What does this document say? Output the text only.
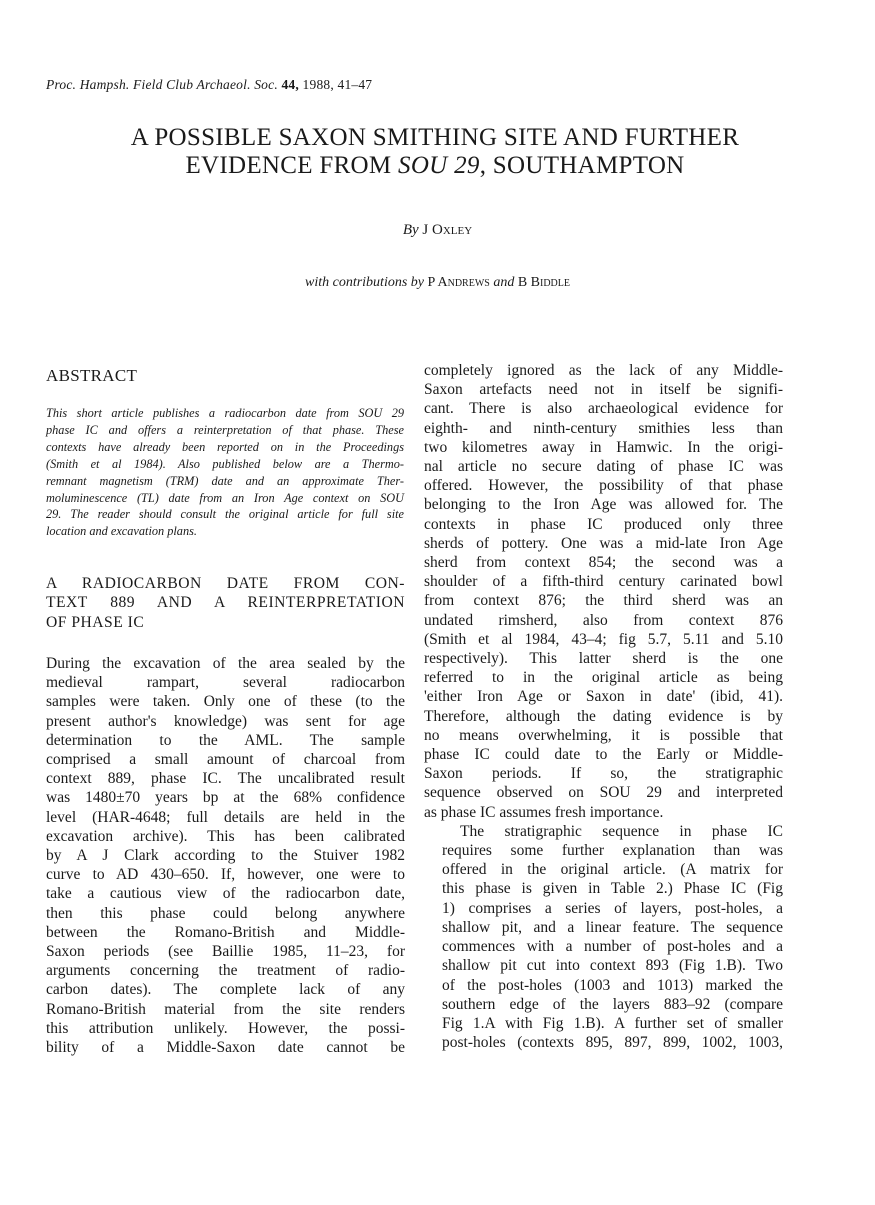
Proc. Hampsh. Field Club Archaeol. Soc. 44, 1988, 41–47
A POSSIBLE SAXON SMITHING SITE AND FURTHER
EVIDENCE FROM SOU 29, SOUTHAMPTON
By J Oxley
with contributions by P Andrews and B Biddle
ABSTRACT
This short article publishes a radiocarbon date from SOU 29
phase IC and offers a reinterpretation of that phase. These
contexts have already been reported on in the Proceedings
(Smith et al 1984). Also published below are a Thermo-
remnant magnetism (TRM) date and an approximate Ther-
moluminescence (TL) date from an Iron Age context on SOU
29. The reader should consult the original article for full site
location and excavation plans.
A RADIOCARBON DATE FROM CON-
TEXT 889 AND A REINTERPRETATION
OF PHASE IC
During the excavation of the area sealed by the
medieval rampart, several radiocarbon
samples were taken. Only one of these (to the
present author's knowledge) was sent for age
determination to the AML. The sample
comprised a small amount of charcoal from
context 889, phase IC. The uncalibrated result
was 1480±70 years bp at the 68% confidence
level (HAR-4648; full details are held in the
excavation archive). This has been calibrated
by A J Clark according to the Stuiver 1982
curve to AD 430–650. If, however, one were to
take a cautious view of the radiocarbon date,
then this phase could belong anywhere
between the Romano-British and Middle-
Saxon periods (see Baillie 1985, 11–23, for
arguments concerning the treatment of radio-
carbon dates). The complete lack of any
Romano-British material from the site renders
this attribution unlikely. However, the possi-
bility of a Middle-Saxon date cannot be

completely ignored as the lack of any Middle-
Saxon artefacts need not in itself be signifi-
cant. There is also archaeological evidence for
eighth- and ninth-century smithies less than
two kilometres away in Hamwic. In the origi-
nal article no secure dating of phase IC was
offered. However, the possibility of that phase
belonging to the Iron Age was allowed for. The
contexts in phase IC produced only three
sherds of pottery. One was a mid-late Iron Age
sherd from context 854; the second was a
shoulder of a fifth-third century carinated bowl
from context 876; the third sherd was an
undated rimsherd, also from context 876
(Smith et al 1984, 43–4; fig 5.7, 5.11 and 5.10
respectively). This latter sherd is the one
referred to in the original article as being
'either Iron Age or Saxon in date' (ibid, 41).
Therefore, although the dating evidence is by
no means overwhelming, it is possible that
phase IC could date to the Early or Middle-
Saxon periods. If so, the stratigraphic
sequence observed on SOU 29 and interpreted
as phase IC assumes fresh importance.

The stratigraphic sequence in phase IC
requires some further explanation than was
offered in the original article. (A matrix for
this phase is given in Table 2.) Phase IC (Fig
1) comprises a series of layers, post-holes, a
shallow pit, and a linear feature. The sequence
commences with a number of post-holes and a
shallow pit cut into context 893 (Fig 1.B). Two
of the post-holes (1003 and 1013) marked the
southern edge of the layers 883–92 (compare
Fig 1.A with Fig 1.B). A further set of smaller
post-holes (contexts 895, 897, 899, 1002, 1003,
